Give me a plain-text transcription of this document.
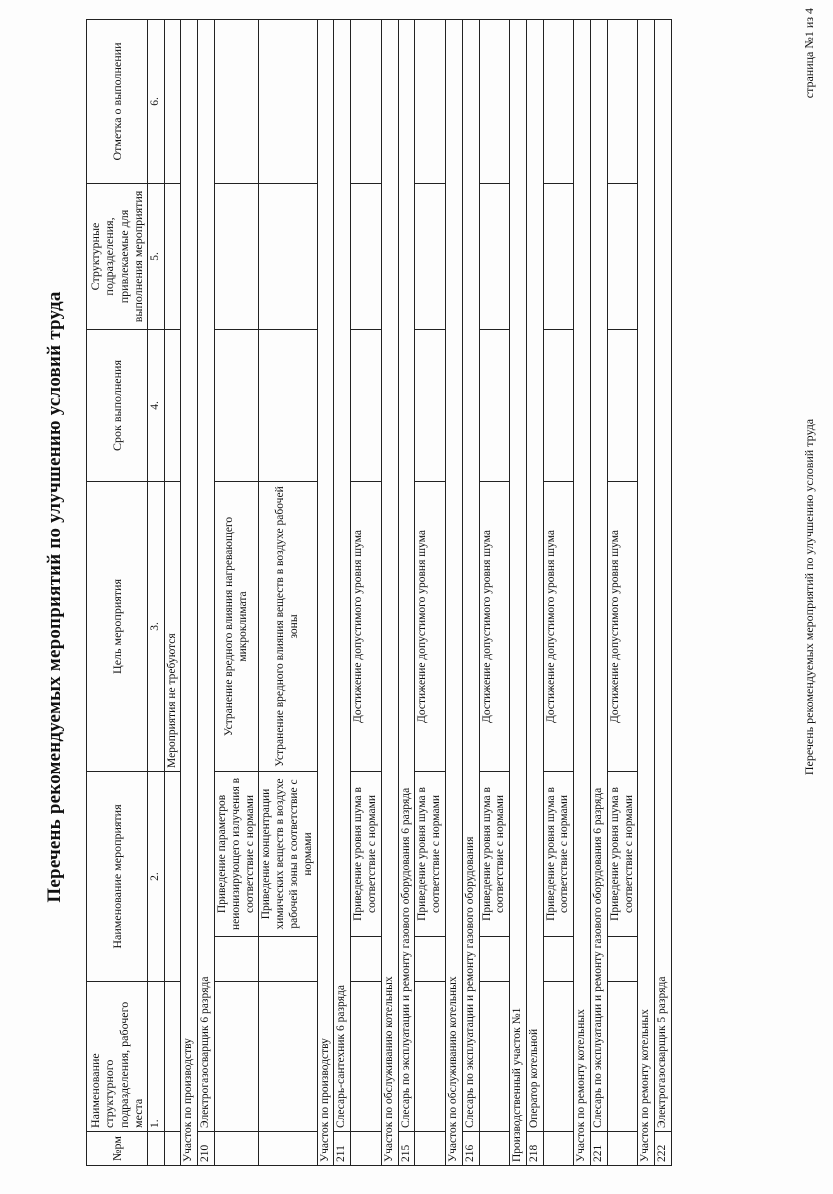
Перечень рекомендуемых мероприятий по улучшению условий труда
№рм	Наименование структурного подразделения, рабочего места	Наименование мероприятия		Цель мероприятия	Срок выполнения	Структурные подразделения, привлекаемые для выполнения мероприятия	Отметка о выполнении
	1.	2.		3.	4.	5.	6.
				Мероприятия не требуются			
Участок по производству							
210	Электрогазосварщик 6 разряда						
			Приведение параметров неионизирующего излучения в соответствие с нормами	Устранение вредного влияния нагревающего микроклимата			
			Приведение концентрации химических веществ в воздухе рабочей зоны в соответствие с нормами	Устранение вредного влияния веществ в воздухе рабочей зоны			
Участок по производству							
211	Слесарь-сантехник 6 разряда						
			Приведение уровня шума в соответствие с нормами	Достижение допустимого уровня шума			
Участок по обслуживанию котельных							
215	Слесарь по эксплуатации и ремонту газового оборудования 6 разряда						
			Приведение уровня шума в соответствие с нормами	Достижение допустимого уровня шума			
Участок по обслуживанию котельных							
216	Слесарь по эксплуатации и ремонту газового оборудования						
			Приведение уровня шума в соответствие с нормами	Достижение допустимого уровня шума			
Производственный участок №1							
218	Оператор котельной						
			Приведение уровня шума в соответствие с нормами	Достижение допустимого уровня шума			
Участок по ремонту котельных							
221	Слесарь по эксплуатации и ремонту газового оборудования 6 разряда						
			Приведение уровня шума в соответствие с нормами	Достижение допустимого уровня шума			
Участок по ремонту котельных							
222	Электрогазосварщик 5 разряда						
Перечень рекомендуемых мероприятий по улучшению условий труда
страница №1 из 4
